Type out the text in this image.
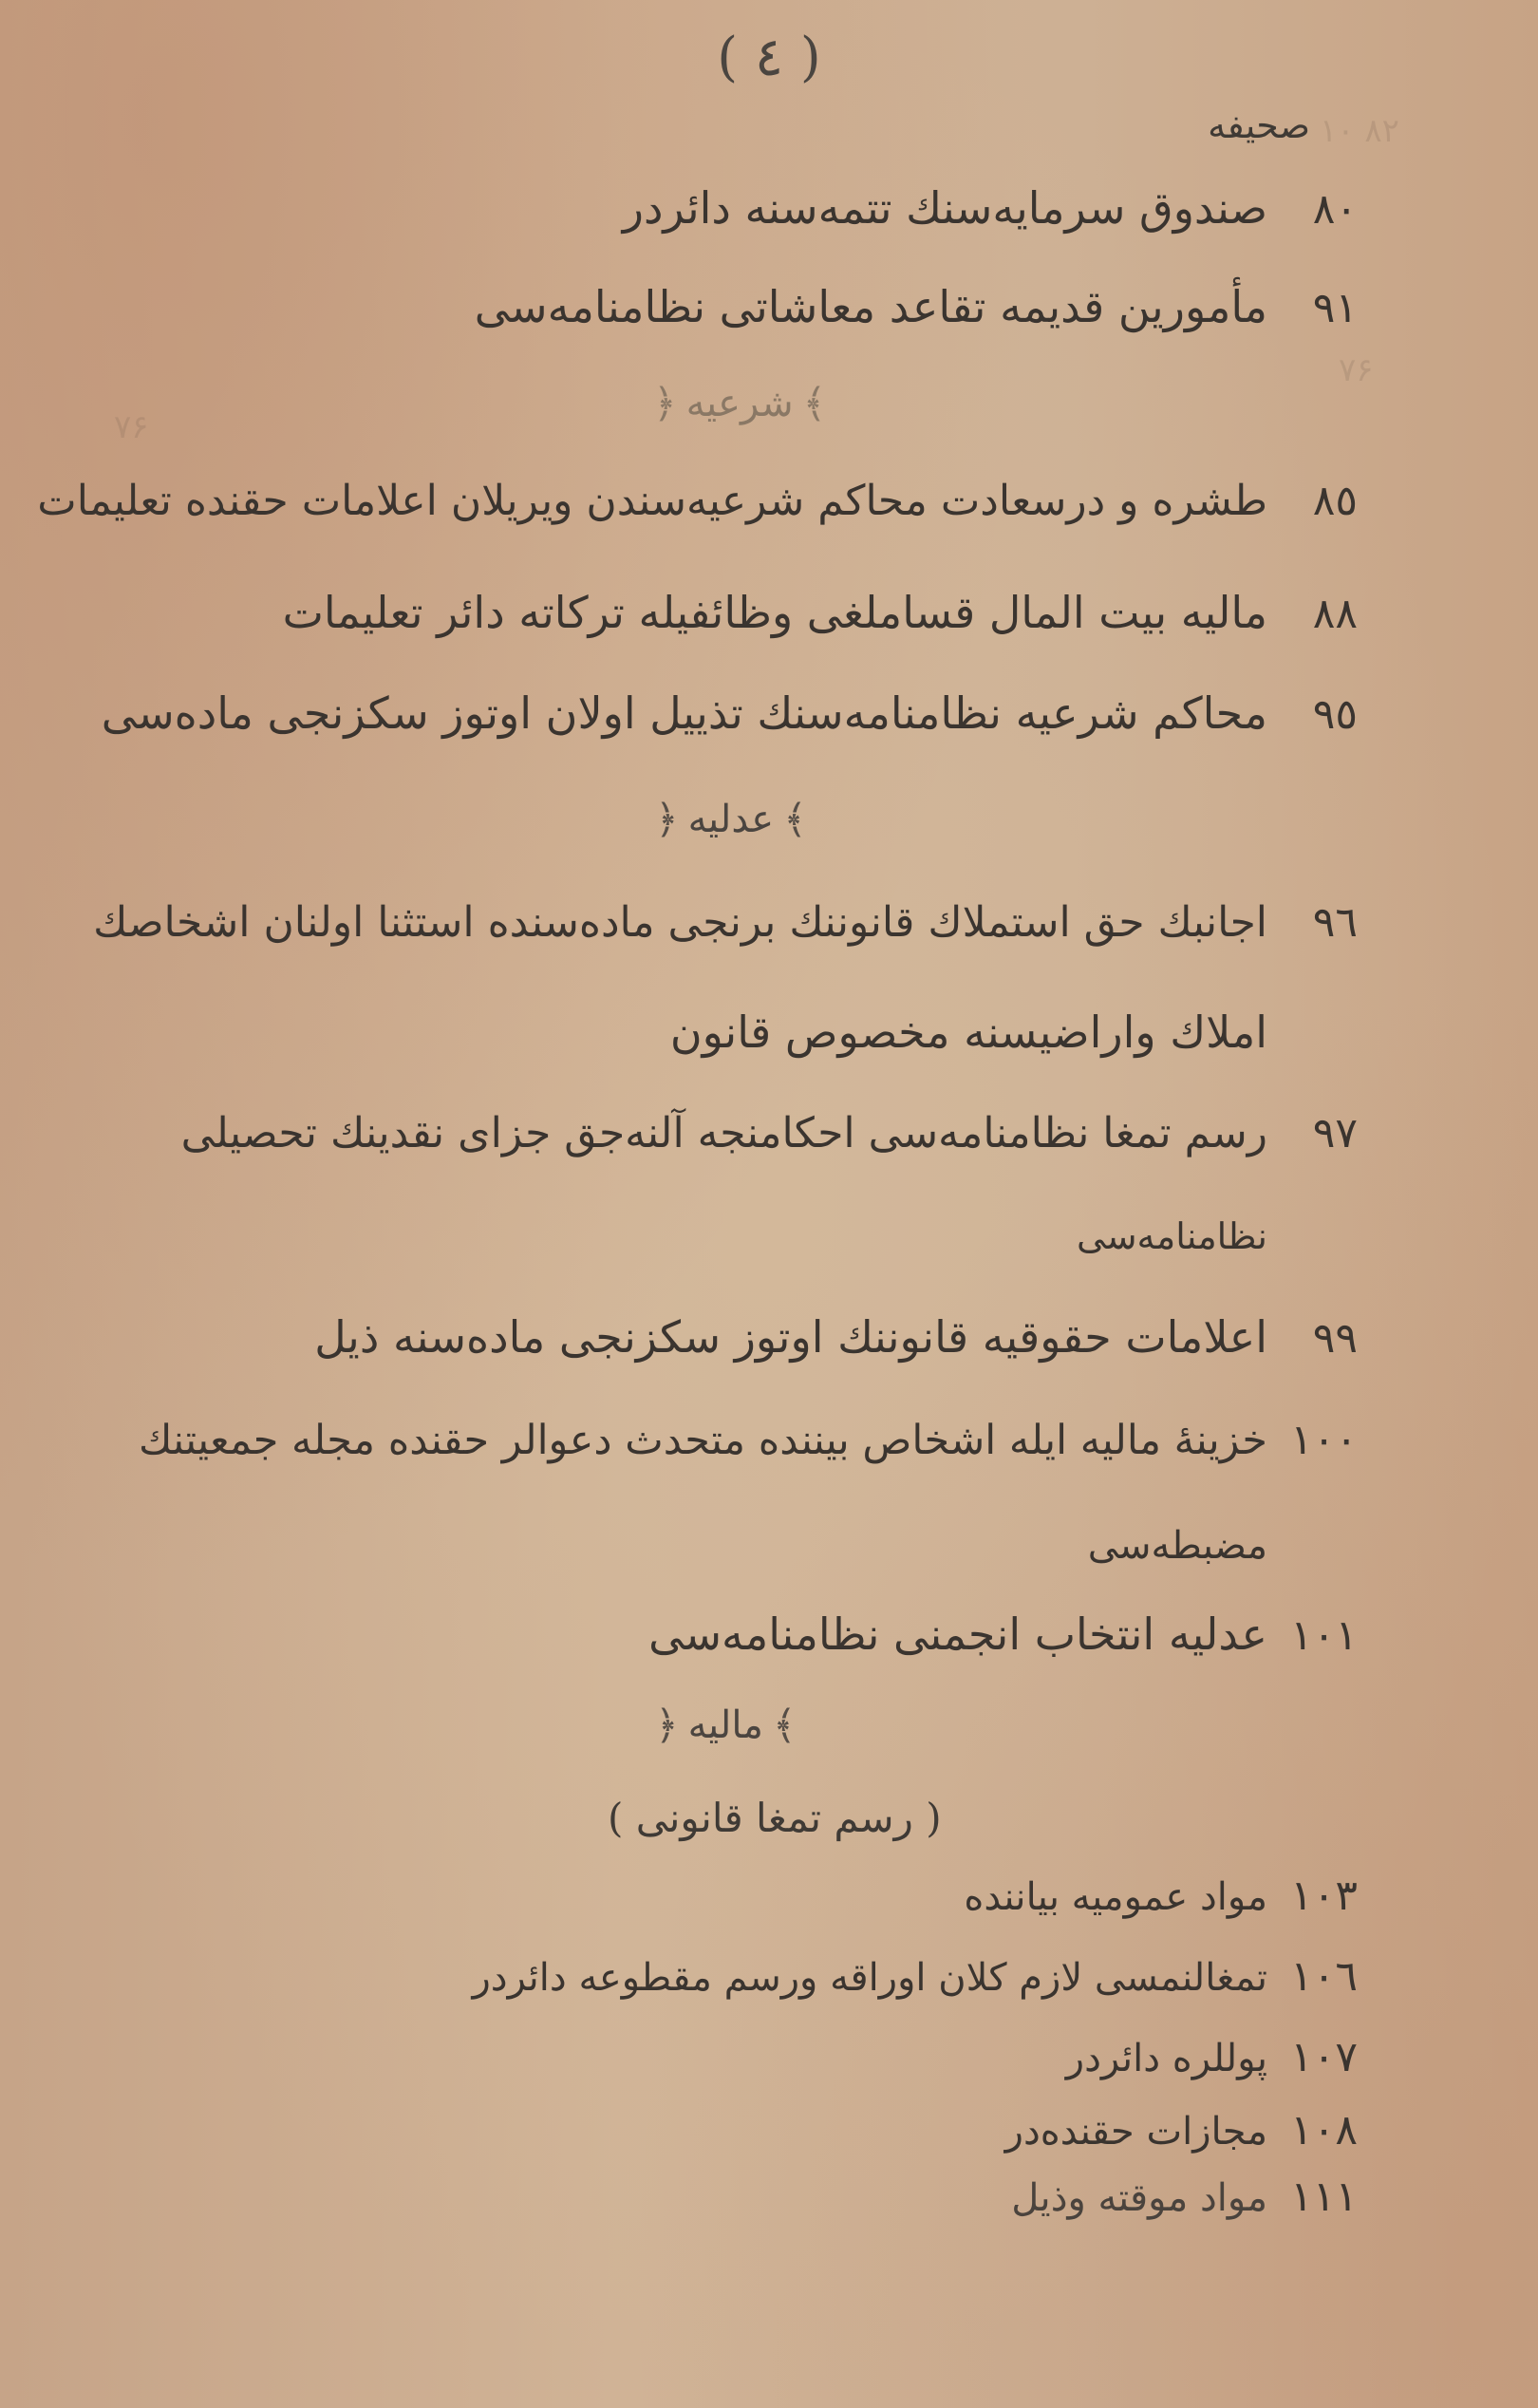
۸۲ ۱۰
۷۶
۷۶
( ٤ )
صحیفه
٨٠
صندوق سرمایه‌سنك تتمه‌سنه دائردر
٩١
مأمورین قدیمه تقاعد معاشاتی نظامنامه‌سی
﴾
شرعیه
﴿
٨٥
طشره و درسعادت محاکم شرعیه‌سندن ویریلان اعلامات حقنده تعلیمات
٨٨
مالیه بیت المال قساملغی وظائفیله ترکاته دائر تعلیمات
٩٥
محاکم شرعیه نظامنامه‌سنك تذییل اولان اوتوز سکزنجی ماده‌سی
﴾
عدلیه
﴿
٩٦
اجانبك حق استملاك قانوننك برنجی ماده‌سنده استثنا اولنان اشخاصك
املاك واراضیسنه مخصوص قانون
٩٧
رسم تمغا نظامنامه‌سی احکامنجه آلنه‌جق جزای نقدینك تحصیلی
نظامنامه‌سی
٩٩
اعلامات حقوقیه قانوننك اوتوز سکزنجی ماده‌سنه ذیل
١٠٠
خزینهٔ مالیه ایله اشخاص بیننده متحدث دعوالر حقنده مجله جمعیتنك
مضبطه‌سی
١٠١
عدلیه انتخاب انجمنی نظامنامه‌سی
﴾
مالیه
﴿
( رسم تمغا قانونی )
١٠٣
مواد عمومیه بیاننده
١٠٦
تمغالنمسی لازم کلان اوراقه ورسم مقطوعه دائردر
١٠٧
پوللره دائردر
١٠٨
مجازات حقنده‌در
١١١
مواد موقته وذیل
